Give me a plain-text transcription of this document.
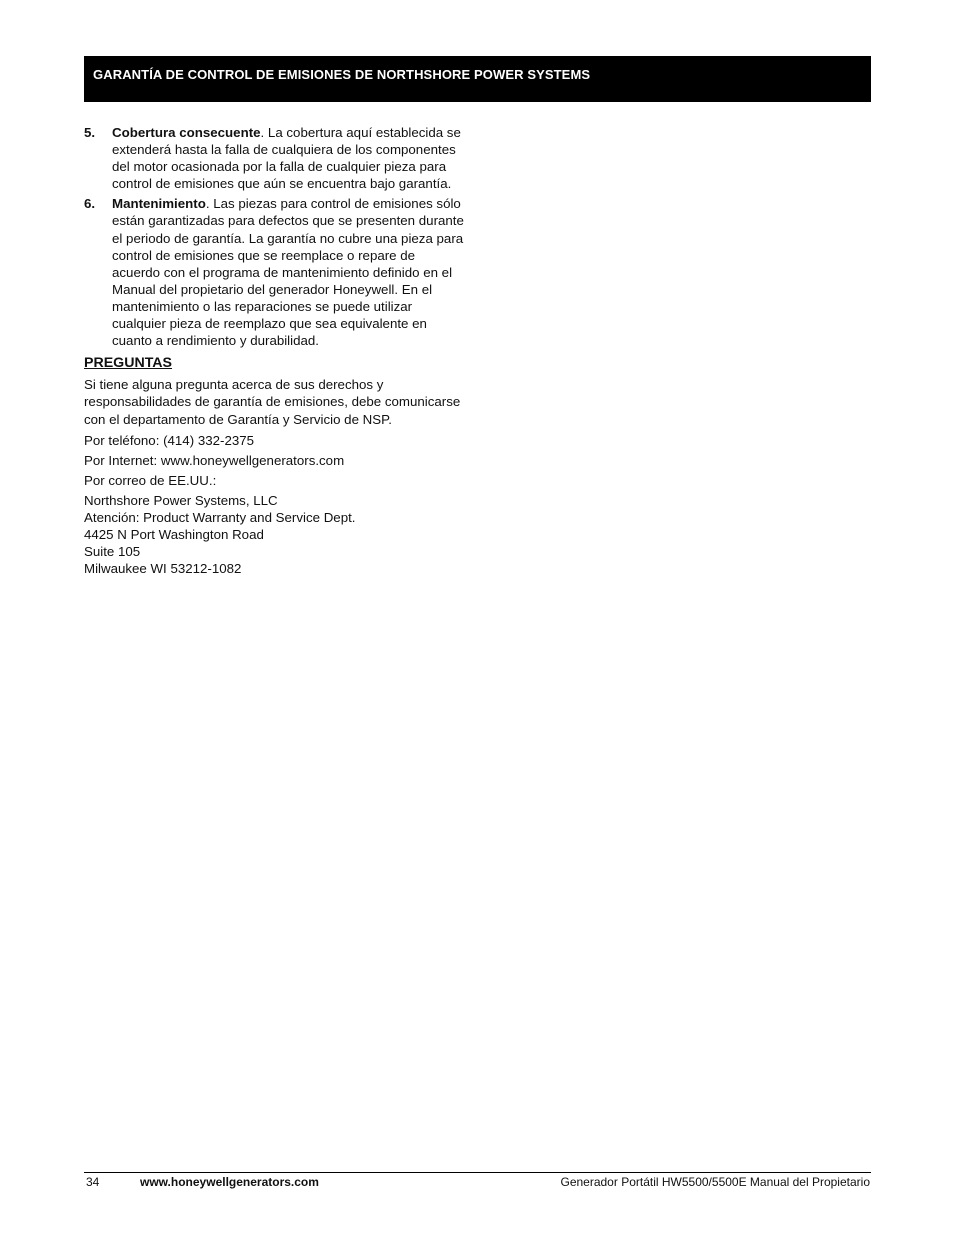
GARANTÍA DE CONTROL DE EMISIONES DE NORTHSHORE POWER SYSTEMS
5.	Cobertura consecuente. La cobertura aquí establecida se extenderá hasta la falla de cualquiera de los componentes del motor ocasionada por la falla de cualquier pieza para control de emisiones que aún se encuentra bajo garantía.
6.	Mantenimiento. Las piezas para control de emisiones sólo están garantizadas para defectos que se presenten durante el periodo de garantía. La garantía no cubre una pieza para control de emisiones que se reemplace o repare de acuerdo con el programa de mantenimiento definido en el Manual del propietario del generador Honeywell. En el mantenimiento o las reparaciones se puede utilizar cualquier pieza de reemplazo que sea equivalente en cuanto a rendimiento y durabilidad.
PREGUNTAS

Si tiene alguna pregunta acerca de sus derechos y responsabilidades de garantía de emisiones, debe comunicarse con el departamento de Garantía y Servicio de NSP.

Por teléfono: (414) 332-2375
Por Internet: www.honeywellgenerators.com
Por correo de EE.UU.:
Northshore Power Systems, LLC
Atención: Product Warranty and Service Dept.
4425 N Port Washington Road
Suite 105
Milwaukee WI 53212-1082
34	www.honeywellgenerators.com	Generador Portátil HW5500/5500E Manual del Propietario
